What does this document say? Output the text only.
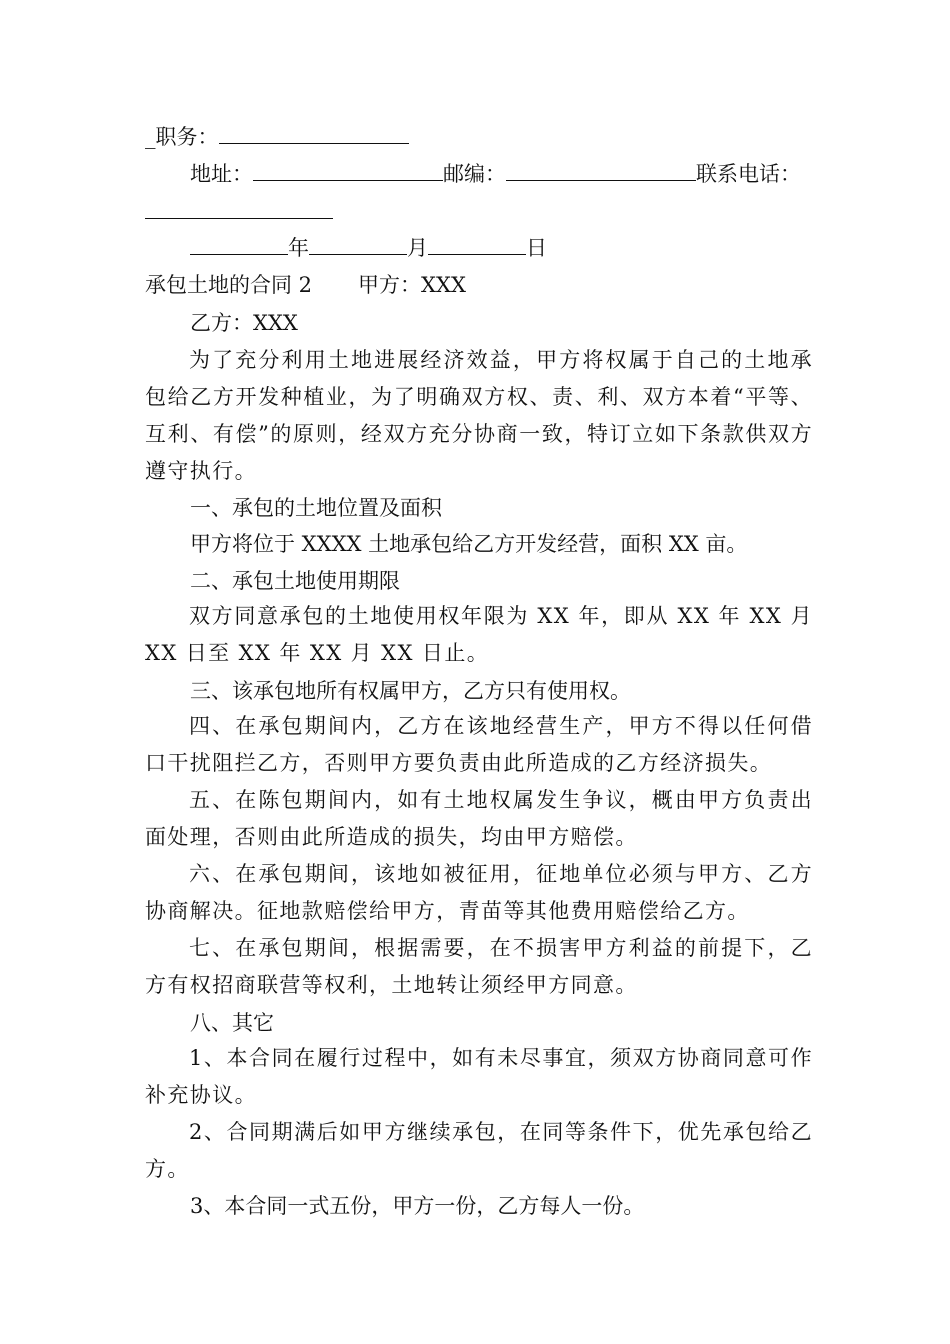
_职务：
地址：	邮编：	联系电话：
年	月	日
承包土地的合同 2 甲方：XXX
乙方：XXX
为了充分利用土地进展经济效益，甲方将权属于自己的土地承包给乙方开发种植业，为了明确双方权、责、利、双方本着“平等、互利、有偿”的原则，经双方充分协商一致，特订立如下条款供双方遵守执行。
一、承包的土地位置及面积
甲方将位于 XXXX 土地承包给乙方开发经营，面积 XX 亩。
二、承包土地使用期限
双方同意承包的土地使用权年限为 XX 年，即从 XX 年 XX 月 XX 日至 XX 年 XX 月 XX 日止。
三、该承包地所有权属甲方，乙方只有使用权。
四、在承包期间内，乙方在该地经营生产，甲方不得以任何借口干扰阻拦乙方，否则甲方要负责由此所造成的乙方经济损失。
五、在陈包期间内，如有土地权属发生争议，概由甲方负责出面处理，否则由此所造成的损失，均由甲方赔偿。
六、在承包期间，该地如被征用，征地单位必须与甲方、乙方协商解决。征地款赔偿给甲方，青苗等其他费用赔偿给乙方。
七、在承包期间，根据需要，在不损害甲方利益的前提下，乙方有权招商联营等权利，土地转让须经甲方同意。
八、其它
1、本合同在履行过程中，如有未尽事宜，须双方协商同意可作补充协议。
2、合同期满后如甲方继续承包，在同等条件下，优先承包给乙方。
3、本合同一式五份，甲方一份，乙方每人一份。
